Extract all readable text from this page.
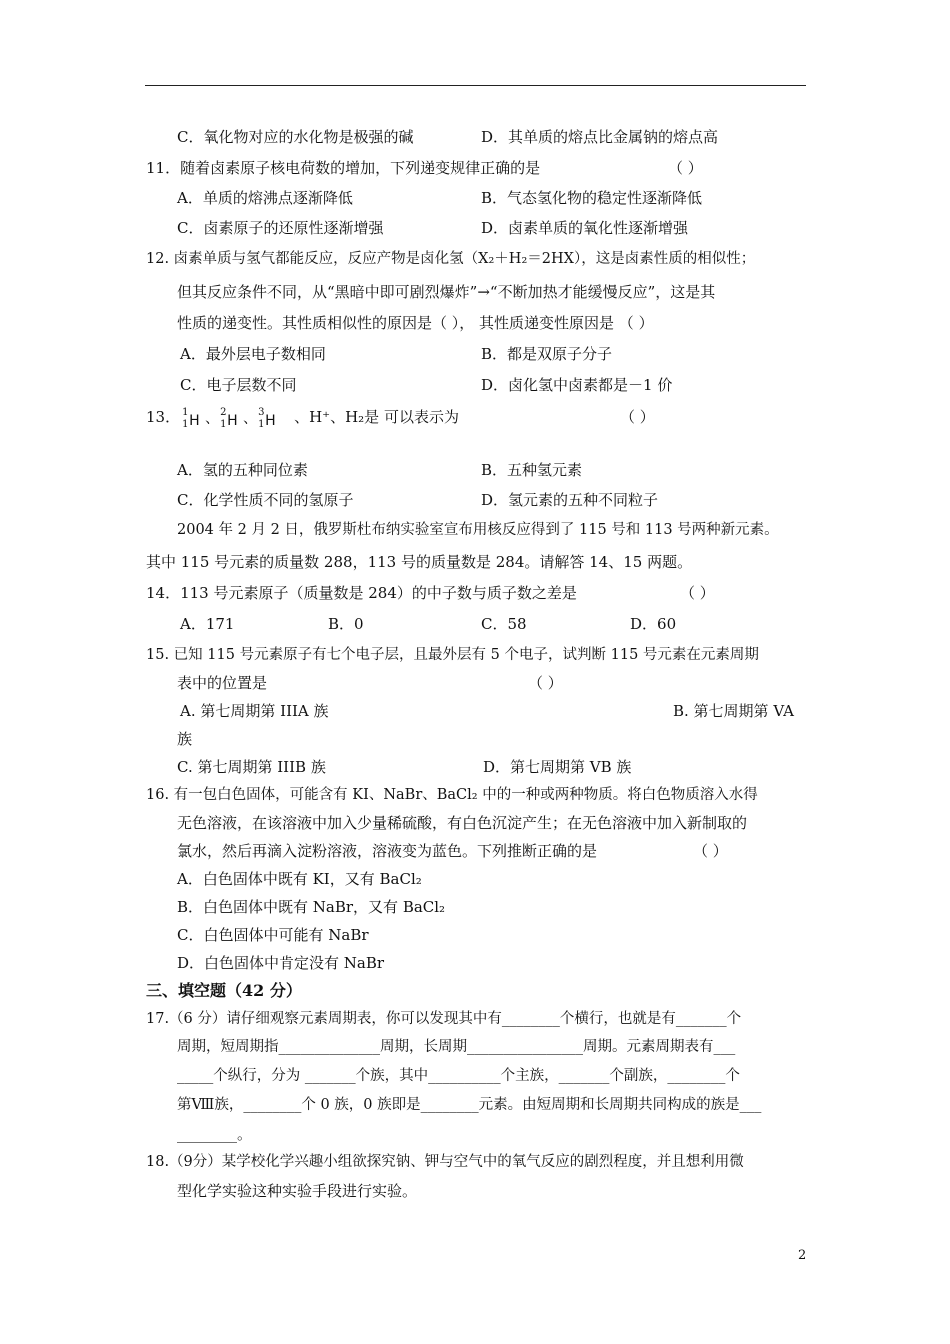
C．氧化物对应的水化物是极强的碱	D．其单质的熔点比金属钠的熔点高
11．随着卤素原子核电荷数的增加，下列递变规律正确的是	（ ）
A．单质的熔沸点逐渐降低	B．气态氢化物的稳定性逐渐降低
C．卤素原子的还原性逐渐增强	D．卤素单质的氧化性逐渐增强
12. 卤素单质与氢气都能反应，反应产物是卤化氢（X₂＋H₂＝2HX），这是卤素性质的相似性；
但其反应条件不同，从“黑暗中即可剧烈爆炸”→“不断加热才能缓慢反应”，这是其
性质的递变性。其性质相似性的原因是（ ）， 其性质递变性原因是 （ ）
A．最外层电子数相同	B．都是双原子分子
C．电子层数不同	D．卤化氢中卤素都是－1 价
13． 1
1 H 、 2
1 H 、 3
1 H 、H⁺、H₂是 可以表示为	（ ）
A．氢的五种同位素	B．五种氢元素
C．化学性质不同的氢原子	D．氢元素的五种不同粒子
2004 年 2 月 2 日，俄罗斯杜布纳实验室宣布用核反应得到了 115 号和 113 号两种新元素。
其中 115 号元素的质量数 288，113 号的质量数是 284。请解答 14、15 两题。
14．113 号元素原子（质量数是 284）的中子数与质子数之差是	（ ）
A．171	B．0	C．58	D．60
15. 已知 115 号元素原子有七个电子层，且最外层有 5 个电子，试判断 115 号元素在元素周期
表中的位置是	（ ）
A. 第七周期第 IIIA 族	B. 第七周期第 VA
族
C. 第七周期第 IIIB 族	D．第七周期第 VB 族
16. 有一包白色固体，可能含有 KI、NaBr、BaCl₂ 中的一种或两种物质。将白色物质溶入水得
无色溶液，在该溶液中加入少量稀硫酸，有白色沉淀产生；在无色溶液中加入新制取的
氯水，然后再滴入淀粉溶液，溶液变为蓝色。下列推断正确的是	（ ）
A．白色固体中既有 KI，又有 BaCl₂
B．白色固体中既有 NaBr，又有 BaCl₂
C．白色固体中可能有 NaBr
D．白色固体中肯定没有 NaBr
三、填空题（42 分）
17.（6 分）请仔细观察元素周期表，你可以发现其中有________个横行，也就是有_______个
周期，短周期指______________周期，长周期________________周期。元素周期表有___
_____个纵行，分为 _______个族，其中__________个主族，_______个副族，________个
第Ⅷ族，________个 0 族，0 族即是________元素。由短周期和长周期共同构成的族是___
________。
18.（9分）某学校化学兴趣小组欲探究钠、钾与空气中的氧气反应的剧烈程度，并且想利用微
型化学实验这种实验手段进行实验。
2
